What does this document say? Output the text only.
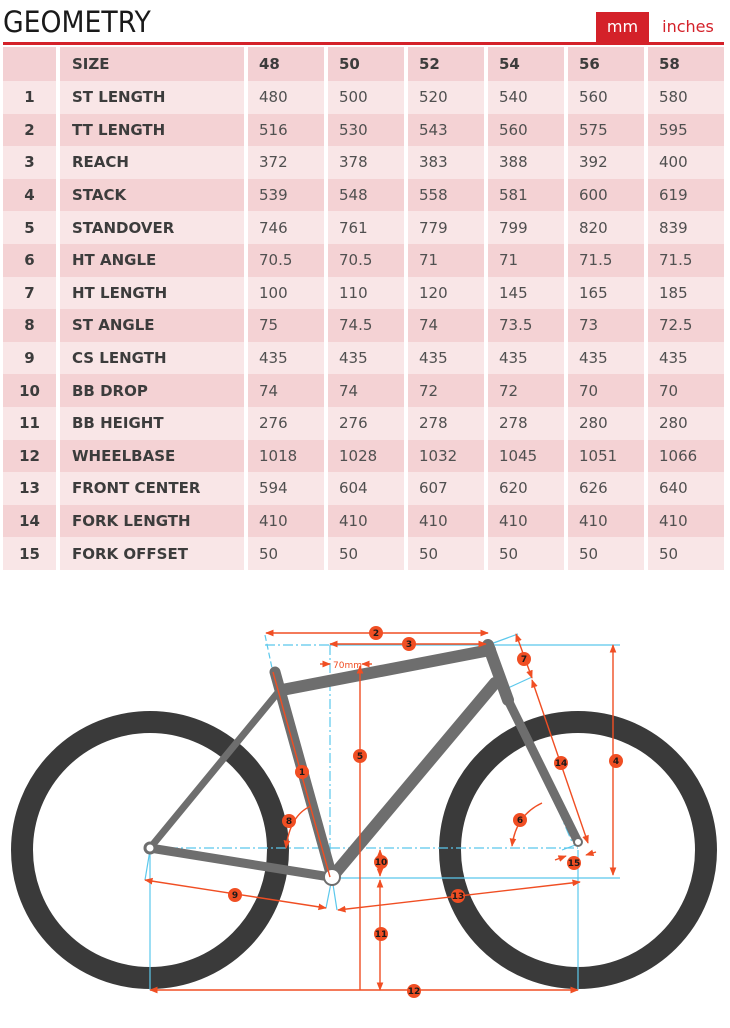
GEOMETRY	mm	inches
	SIZE	48	50	52	54	56	58
1	ST LENGTH	480	500	520	540	560	580
2	TT LENGTH	516	530	543	560	575	595
3	REACH	372	378	383	388	392	400
4	STACK	539	548	558	581	600	619
5	STANDOVER	746	761	779	799	820	839
6	HT ANGLE	70.5	70.5	71	71	71.5	71.5
7	HT LENGTH	100	110	120	145	165	185
8	ST ANGLE	75	74.5	74	73.5	73	72.5
9	CS LENGTH	435	435	435	435	435	435
10	BB DROP	74	74	72	72	70	70
11	BB HEIGHT	276	276	278	278	280	280
12	WHEELBASE	1018	1028	1032	1045	1051	1066
13	FRONT CENTER	594	604	607	620	626	640
14	FORK LENGTH	410	410	410	410	410	410
15	FORK OFFSET	50	50	50	50	50	50
70mm
1
2
3
4
5
6
7
8
9
10
11
12
13
14
15
